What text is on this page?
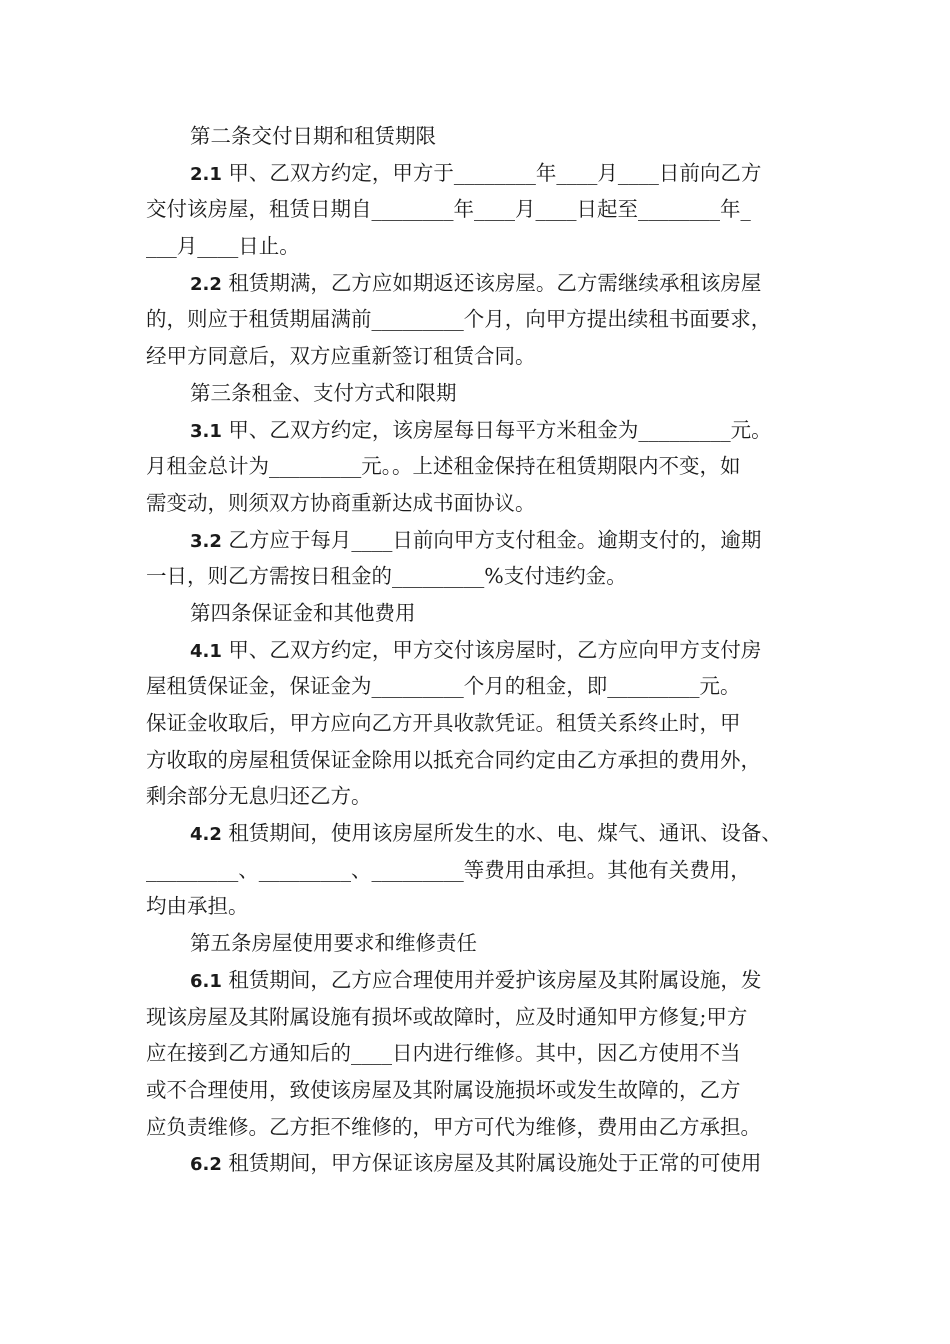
第二条交付日期和租赁期限
2.1 甲、乙双方约定，甲方于________年____月____日前向乙方
交付该房屋，租赁日期自________年____月____日起至________年_
___月____日止。
2.2 租赁期满，乙方应如期返还该房屋。乙方需继续承租该房屋
的，则应于租赁期届满前_________个月，向甲方提出续租书面要求，
经甲方同意后，双方应重新签订租赁合同。
第三条租金、支付方式和限期
3.1 甲、乙双方约定，该房屋每日每平方米租金为_________元。
月租金总计为_________元。。上述租金保持在租赁期限内不变，如
需变动，则须双方协商重新达成书面协议。
3.2 乙方应于每月____日前向甲方支付租金。逾期支付的，逾期
一日，则乙方需按日租金的_________%支付违约金。
第四条保证金和其他费用
4.1 甲、乙双方约定，甲方交付该房屋时，乙方应向甲方支付房
屋租赁保证金，保证金为_________个月的租金，即_________元。
保证金收取后，甲方应向乙方开具收款凭证。租赁关系终止时，甲
方收取的房屋租赁保证金除用以抵充合同约定由乙方承担的费用外，
剩余部分无息归还乙方。
4.2 租赁期间，使用该房屋所发生的水、电、煤气、通讯、设备、
_________、_________、_________等费用由承担。其他有关费用，
均由承担。
第五条房屋使用要求和维修责任
6.1 租赁期间，乙方应合理使用并爱护该房屋及其附属设施，发
现该房屋及其附属设施有损坏或故障时，应及时通知甲方修复;甲方
应在接到乙方通知后的____日内进行维修。其中，因乙方使用不当
或不合理使用，致使该房屋及其附属设施损坏或发生故障的，乙方
应负责维修。乙方拒不维修的，甲方可代为维修，费用由乙方承担。
6.2 租赁期间，甲方保证该房屋及其附属设施处于正常的可使用
